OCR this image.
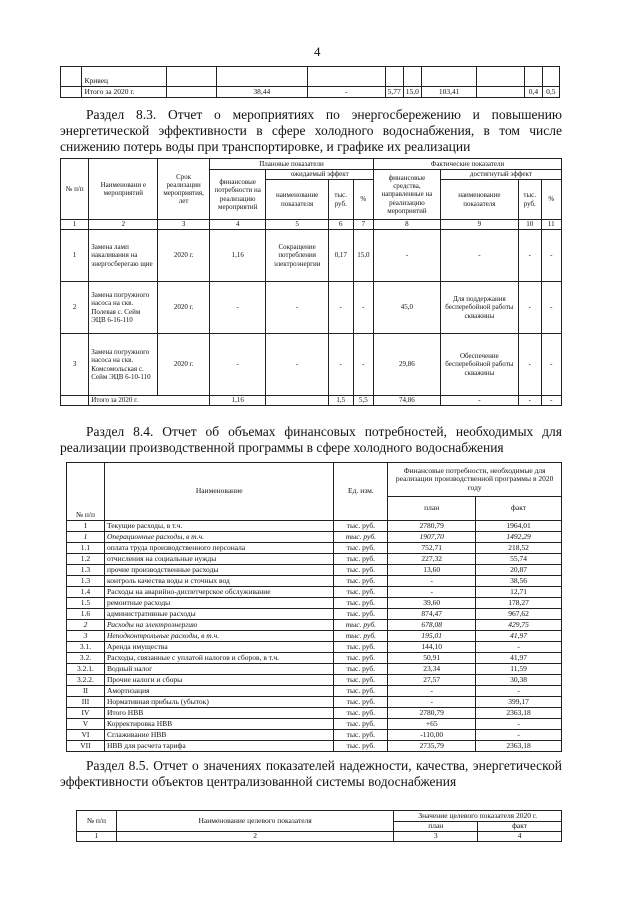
4
	Кривец									
	Итого за 2020 г.		38,44	-	5,77	15,0	103,41		0,4	0,5
Раздел 8.3. Отчет о мероприятиях по энергосбережению и повышению энергетической эффективности в сфере холодного водоснабжения, в том числе снижению потерь воды при транспортировке, и графике их реализации
№ п/п	Наименовани е мероприятий	Срок реализации мероприятия, лет	Плановые показатели				Фактические показатели			
			финансовые потребности на реализацию мероприятий	ожидаемый эффект			финансовые средства, направленные на реализацию мероприятий	достигнутый эффект		
				наименование показателя	тыс. руб.	%		наименование показателя	тыс. руб.	%
1	2	3	4	5	6	7	8	9	10	11
1	Замена ламп накаливания на энергосберегаю щие	2020 г.	1,16	Сокращение потребления электроэнергии	0,17	15,0	-	-	-	-
2	Замена погружного насоса на скв. Полевая с. Сейм ЭЦВ 6-16-110	2020 г.	-	-	-	-	45,0	Для поддержания бесперебойной работы скважины	-	-
3	Замена погружного насоса на скв. Комсомольская с. Сейм ЭЦВ 6-10-110	2020 г.	-	-	-	-	29,86	Обеспечение бесперебойной работы скважины	-	-
	Итого за 2020 г.		1,16		1,5	5,5	74,86	-	-	-
Раздел 8.4. Отчет об объемах финансовых потребностей, необходимых для реализации производственной программы в сфере холодного водоснабжения
№ п/п	Наименование	Ед. изм.	Финансовые потребности, необходимые для реализации производственной программы в 2020 году	
			план	факт
I	Текущие расходы, в т.ч.	тыс. руб.	2780,79	1964,01
1	Операционные расходы, в т.ч.	тыс. руб.	1907,70	1492,29
1.1	оплата труда производственного персонала	тыс. руб.	752,71	218,52
1.2	отчисления на социальные нужды	тыс. руб.	227,32	55,74
1.3	прочие производственные расходы	тыс. руб.	13,60	20,87
1.3	контроль качества воды и сточных вод	тыс. руб.	-	38,56
1.4	Расходы на аварийно-диспетчерское обслуживание	тыс. руб.	-	12,71
1.5	ремонтные расходы	тыс. руб.	39,60	178,27
1.6	административные расходы	тыс. руб.	874,47	967,62
2	Расходы на электроэнергию	тыс. руб.	678,08	429,75
3	Неподконтрольные расходы, в т.ч.	тыс. руб.	195,01	41,97
3.1.	Аренда имущества	тыс. руб.	144,10	-
3.2.	Расходы, связанные с уплатой налогов и сборов, в т.ч.	тыс. руб.	50,91	41,97
3.2.1.	Водный налог	тыс. руб.	23,34	11,59
3.2.2.	Прочие налоги и сборы	тыс. руб.	27,57	30,38
II	Амортизация	тыс. руб.	-	-
III	Нормативная прибыль (убыток)	тыс. руб.	-	399,17
IV	Итого НВВ	тыс. руб.	2780,79	2363,18
V	Корректировка НВВ	тыс. руб.	+65	-
VI	Сглаживание НВВ	тыс. руб.	-110,00	-
VII	НВВ для расчета тарифа	тыс. руб.	2735,79	2363,18
Раздел 8.5. Отчет о значениях показателей надежности, качества, энергетической эффективности объектов централизованной системы водоснабжения
№ п/п	Наименование целевого показателя	Значение целевого показателя 2020 г.	
		план	факт
1	2	3	4
